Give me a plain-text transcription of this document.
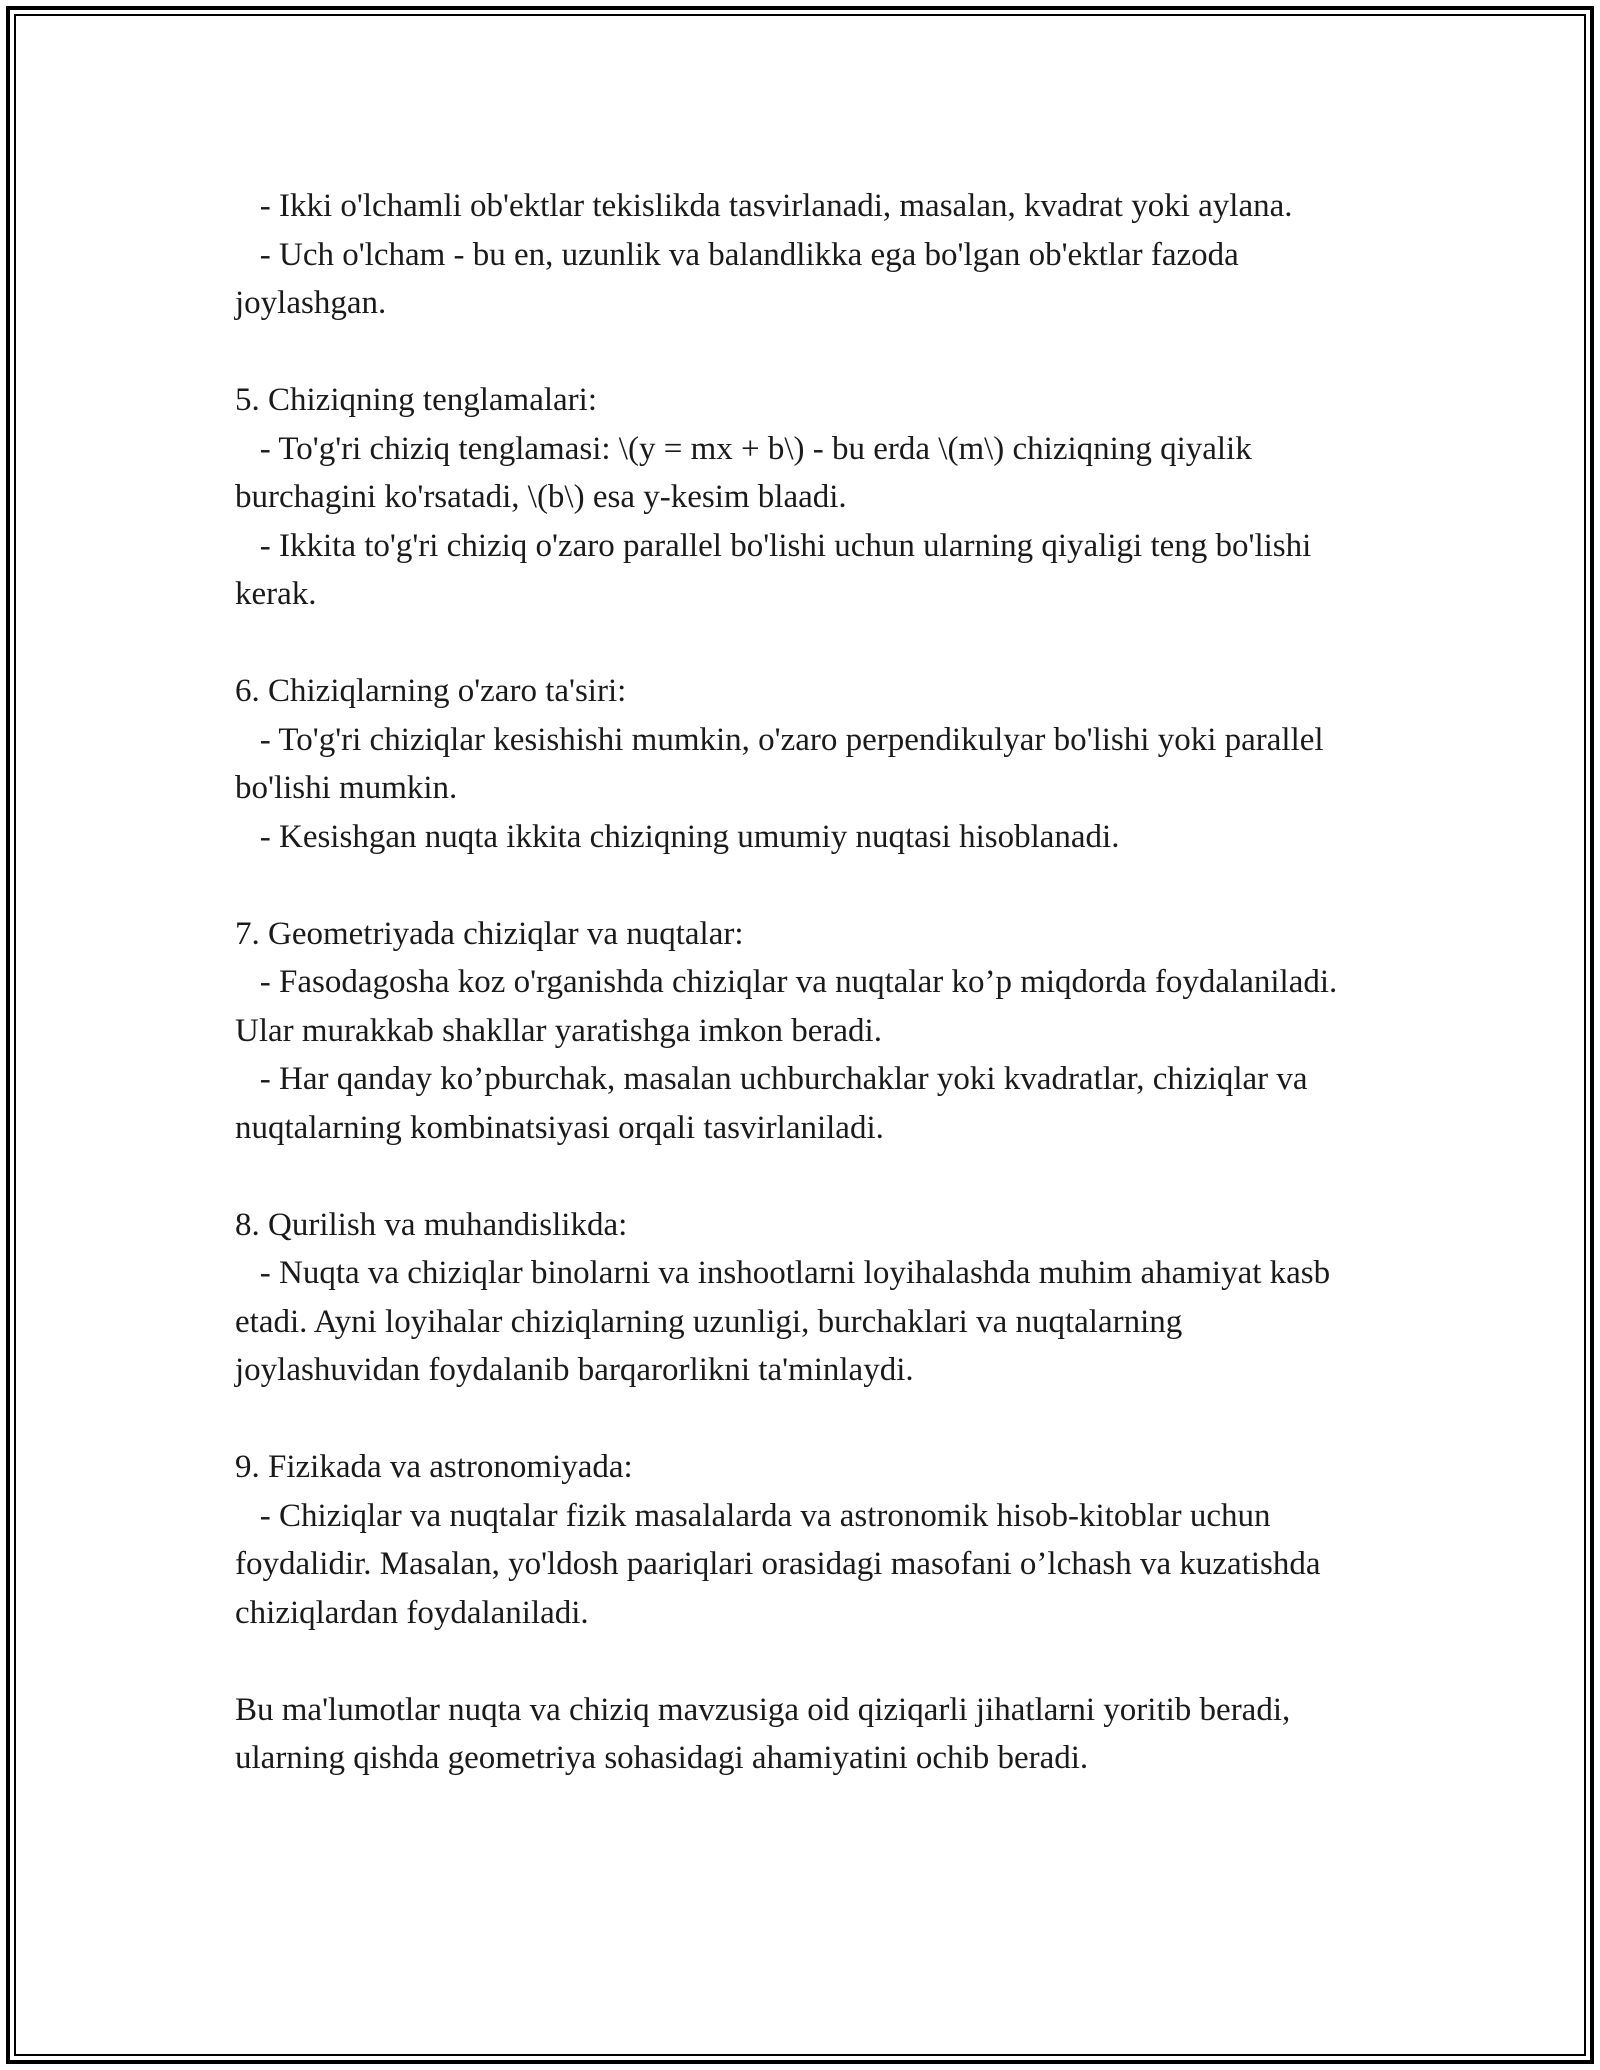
- Ikki o'lchamli ob'ektlar tekislikda tasvirlanadi, masalan, kvadrat yoki aylana.

- Uch o'lcham - bu en, uzunlik va balandlikka ega bo'lgan ob'ektlar fazoda joylashgan.

5. Chiziqning tenglamalari:

- To'g'ri chiziq tenglamasi: \(y = mx + b\) - bu erda \(m\) chiziqning qiyalik burchagini ko'rsatadi, \(b\) esa y-kesim blaadi.

- Ikkita to'g'ri chiziq o'zaro parallel bo'lishi uchun ularning qiyaligi teng bo'lishi kerak.

6. Chiziqlarning o'zaro ta'siri:

- To'g'ri chiziqlar kesishishi mumkin, o'zaro perpendikulyar bo'lishi yoki parallel bo'lishi mumkin.

- Kesishgan nuqta ikkita chiziqning umumiy nuqtasi hisoblanadi.

7. Geometriyada chiziqlar va nuqtalar:

- Fasodagosha koz o'rganishda chiziqlar va nuqtalar ko’p miqdorda foydalaniladi. Ular murakkab shakllar yaratishga imkon beradi.

- Har qanday ko’pburchak, masalan uchburchaklar yoki kvadratlar, chiziqlar va nuqtalarning kombinatsiyasi orqali tasvirlaniladi.

8. Qurilish va muhandislikda:

- Nuqta va chiziqlar binolarni va inshootlarni loyihalashda muhim ahamiyat kasb etadi. Ayni loyihalar chiziqlarning uzunligi, burchaklari va nuqtalarning joylashuvidan foydalanib barqarorlikni ta'minlaydi.

9. Fizikada va astronomiyada:

- Chiziqlar va nuqtalar fizik masalalarda va astronomik hisob-kitoblar uchun foydalidir. Masalan, yo'ldosh paariqlari orasidagi masofani o’lchash va kuzatishda chiziqlardan foydalaniladi.

Bu ma'lumotlar nuqta va chiziq mavzusiga oid qiziqarli jihatlarni yoritib beradi, ularning qishda geometriya sohasidagi ahamiyatini ochib beradi.
